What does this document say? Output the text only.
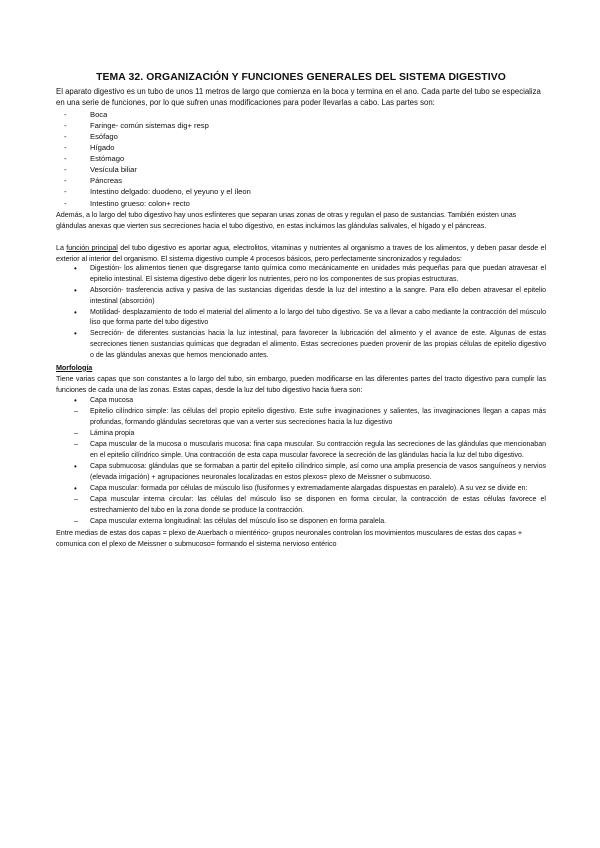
TEMA 32. ORGANIZACIÓN Y FUNCIONES GENERALES DEL SISTEMA DIGESTIVO

El aparato digestivo es un tubo de unos 11 metros de largo que comienza en la boca y termina en el ano. Cada parte del tubo se especializa en una serie de funciones, por lo que sufren unas modificaciones para poder llevarlas a cabo. Las partes son:

- Boca
- Faringe- común sistemas dig+ resp
- Esófago
- Hígado
- Estómago
- Vesícula biliar
- Páncreas
- Intestino delgado: duodeno, el yeyuno y el íleon
- Intestino grueso: colon+ recto

Además, a lo largo del tubo digestivo hay unos esfínteres que separan unas zonas de otras y regulan el paso de sustancias. También existen unas glándulas anexas que vierten sus secreciones hacia el tubo digestivo, en estas incluimos las glándulas salivales, el hígado y el páncreas.

La función principal del tubo digestivo es aportar agua, electrolitos, vitaminas y nutrientes al organismo a traves de los alimentos, y deben pasar desde el exterior al interior del organismo. El sistema digestivo cumple 4 procesos básicos, pero perfectamente sincronizados y regulados:

• Digestión- los alimentos tienen que disgregarse tanto química como mecánicamente en unidades más pequeñas para que puedan atravesar el epitelio intestinal. El sistema digestivo debe digerir los nutrientes, pero no los componentes de sus propias estructuras.
• Absorción- trasferencia activa y pasiva de las sustancias digeridas desde la luz del intestino a la sangre. Para ello deben atravesar el epitelio intestinal (absorción)
• Motilidad- desplazamiento de todo el material del alimento a lo largo del tubo digestivo. Se va a llevar a cabo mediante la contracción del músculo liso que forma parte del tubo digestivo
• Secreción- de diferentes sustancias hacia la luz intestinal, para favorecer la lubricación del alimento y el avance de este. Algunas de estas secreciones tienen sustancias químicas que degradan el alimento. Estas secreciones pueden provenir de las propias células de epitelio digestivo o de las glándulas anexas que hemos mencionado antes.

Morfología

Tiene varias capas que son constantes a lo largo del tubo, sin embargo, pueden modificarse en las diferentes partes del tracto digestivo para cumplir las funciones de cada una de las zonas. Estas capas, desde la luz del tubo digestivo hacia fuera son:

• Capa mucosa
– Epitelio cilíndrico simple: las células del propio epitelio digestivo. Este sufre invaginaciones y salientes, las invaginaciones llegan a capas más profundas, formando glándulas secretoras que van a verter sus secreciones hacia la luz digestivo
– Lámina propia
– Capa muscular de la mucosa o muscularis mucosa: fina capa muscular. Su contracción regula las secreciones de las glándulas que mencionaban en el epitelio cilíndrico simple. Una contracción de esta capa muscular favorece la secreción de las glándulas hacia la luz del tubo digestivo.
• Capa submucosa: glándulas que se formaban a partir del epitelio cilíndrico simple, así como una amplia presencia de vasos sanguíneos y nervios (elevada irrigación) + agrupaciones neuronales localizadas en estos plexos= plexo de Meissner o submucoso.
• Capa muscular: formada por células de músculo liso (fusiformes y extremadamente alargadas dispuestas en paralelo). A su vez se divide en:
– Capa muscular interna circular: las células del músculo liso se disponen en forma circular, la contracción de estas células favorece el estrechamiento del tubo en la zona donde se produce la contracción.
– Capa muscular externa longitudinal: las células del músculo liso se disponen en forma paralela.

Entre medias de estas dos capas = plexo de Auerbach o mientérico- grupos neuronales controlan los movimientos musculares de estas dos capas + comunica con el plexo de Meissner o submucoso= formando el sistema nervioso entérico
